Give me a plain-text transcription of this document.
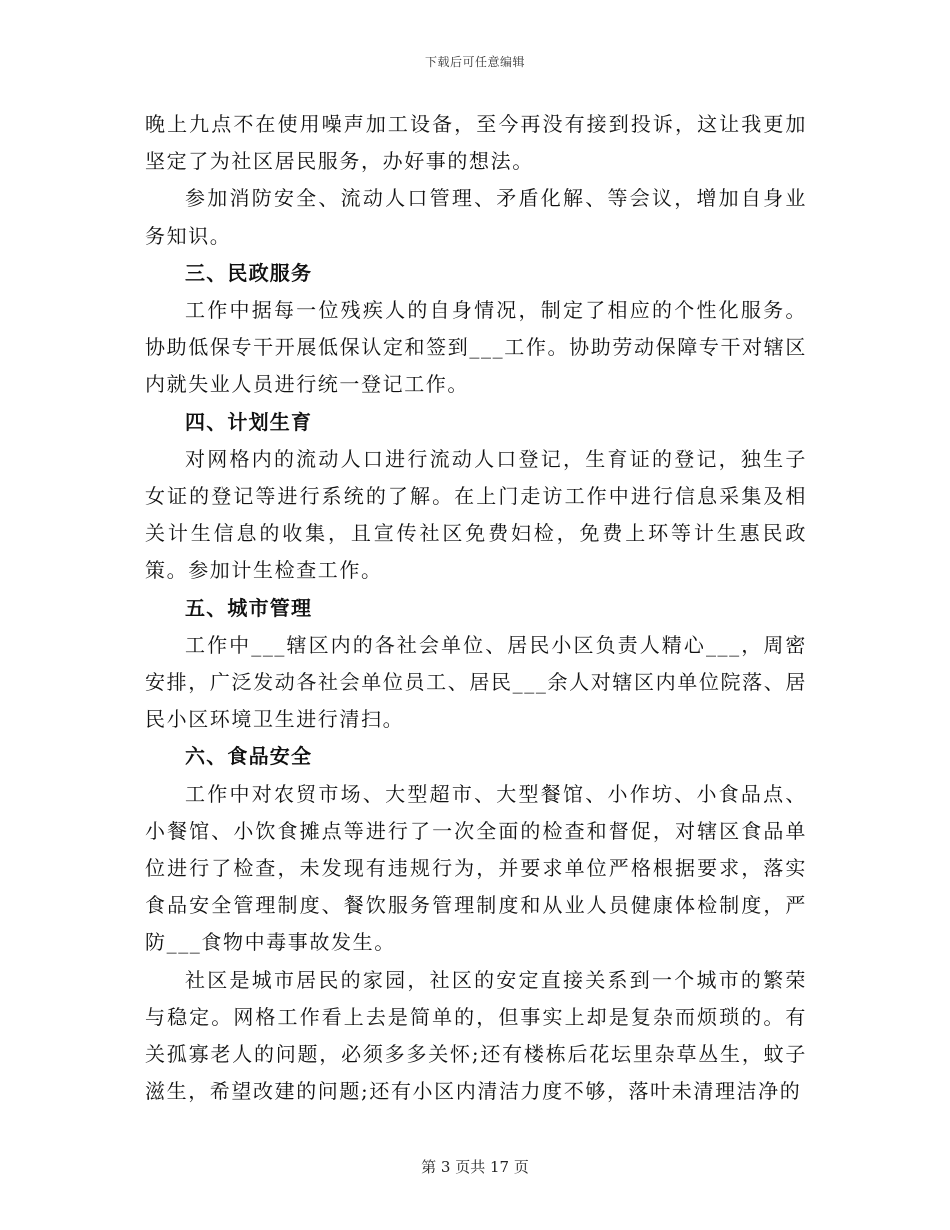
下载后可任意编辑

晚上九点不在使用噪声加工设备，至今再没有接到投诉，这让我更加坚定了为社区居民服务，办好事的想法。

参加消防安全、流动人口管理、矛盾化解、等会议，增加自身业务知识。

三、民政服务

工作中据每一位残疾人的自身情况，制定了相应的个性化服务。协助低保专干开展低保认定和签到___工作。协助劳动保障专干对辖区内就失业人员进行统一登记工作。

四、计划生育

对网格内的流动人口进行流动人口登记，生育证的登记，独生子女证的登记等进行系统的了解。在上门走访工作中进行信息采集及相关计生信息的收集，且宣传社区免费妇检，免费上环等计生惠民政策。参加计生检查工作。

五、城市管理

工作中___辖区内的各社会单位、居民小区负责人精心___，周密安排，广泛发动各社会单位员工、居民___余人对辖区内单位院落、居民小区环境卫生进行清扫。

六、食品安全

工作中对农贸市场、大型超市、大型餐馆、小作坊、小食品点、小餐馆、小饮食摊点等进行了一次全面的检查和督促，对辖区食品单位进行了检查，未发现有违规行为，并要求单位严格根据要求，落实食品安全管理制度、餐饮服务管理制度和从业人员健康体检制度，严防___食物中毒事故发生。

社区是城市居民的家园，社区的安定直接关系到一个城市的繁荣与稳定。网格工作看上去是简单的，但事实上却是复杂而烦琐的。有关孤寡老人的问题，必须多多关怀;还有楼栋后花坛里杂草丛生，蚊子滋生，希望改建的问题;还有小区内清洁力度不够，落叶未清理洁净的

第 3 页共 17 页
